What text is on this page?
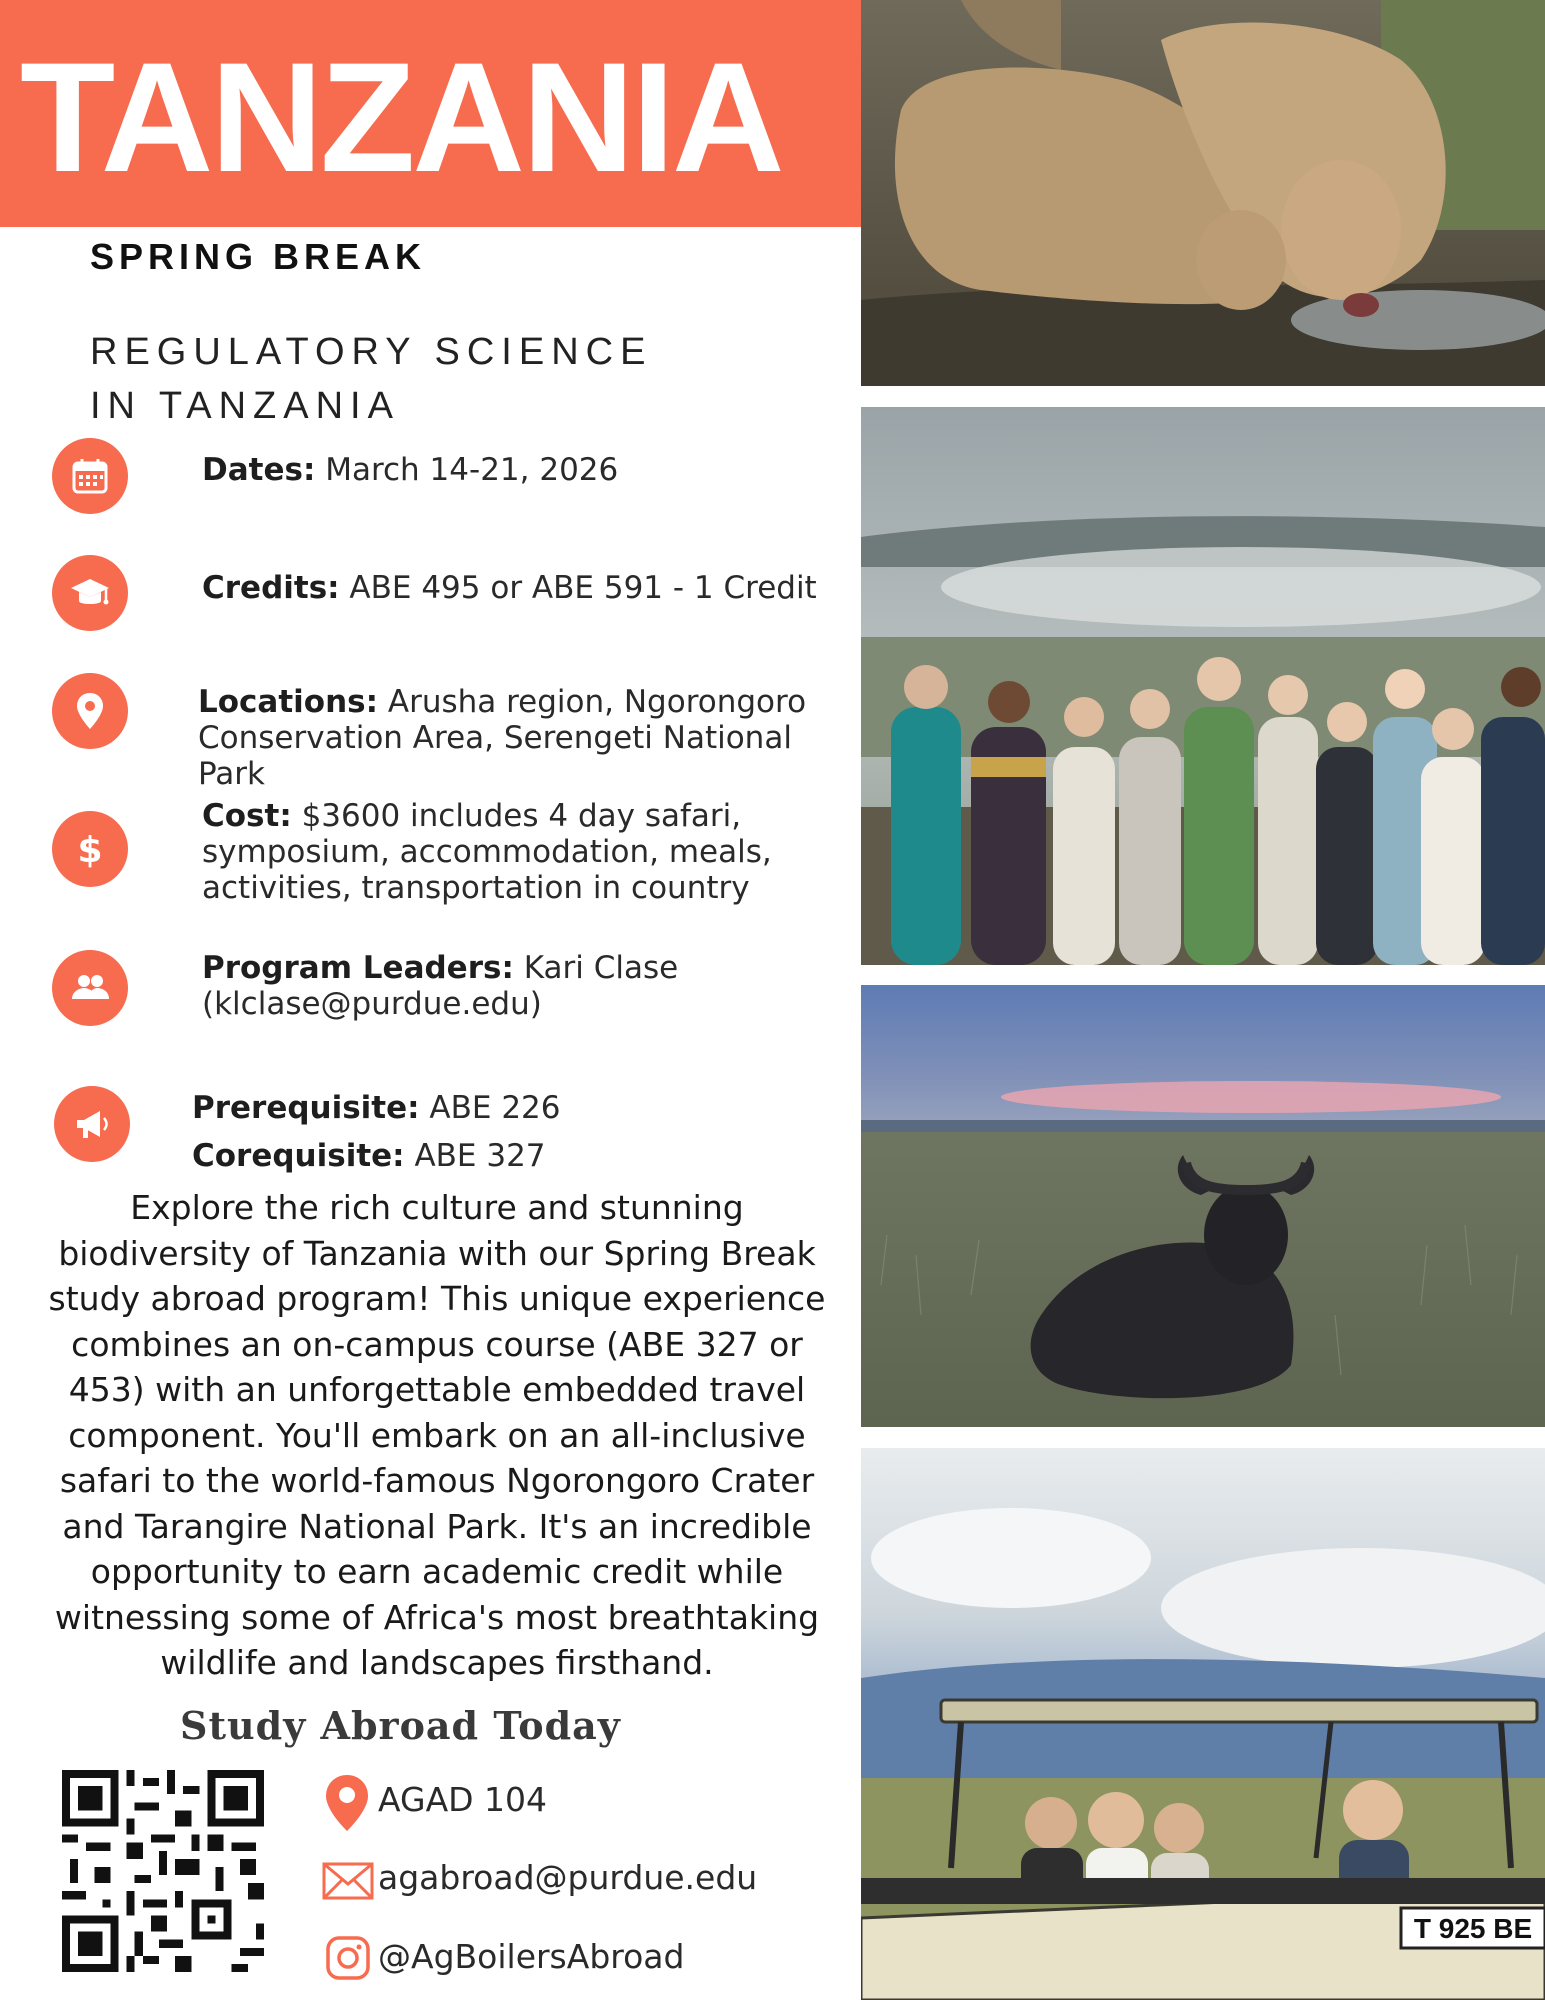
TANZANIA
SPRING BREAK
REGULATORY SCIENCE IN TANZANIA
Dates: March 14-21, 2026
Credits: ABE 495 or ABE 591 - 1 Credit
Locations: Arusha region, Ngorongoro Conservation Area, Serengeti National Park
$
Cost: $3600 includes 4 day safari, symposium, accommodation, meals, activities, transportation in country
Program Leaders: Kari Clase (klclase@purdue.edu)
Prerequisite: ABE 226
Corequisite: ABE 327
Explore the rich culture and stunning biodiversity of Tanzania with our Spring Break study abroad program! This unique experience combines an on-campus course (ABE 327 or 453) with an unforgettable embedded travel component. You'll embark on an all-inclusive safari to the world-famous Ngorongoro Crater and Tarangire National Park. It's an incredible opportunity to earn academic credit while witnessing some of Africa's most breathtaking wildlife and landscapes firsthand.
Study Abroad Today
AGAD 104
agabroad@purdue.edu
@AgBoilersAbroad
T 925 BE
